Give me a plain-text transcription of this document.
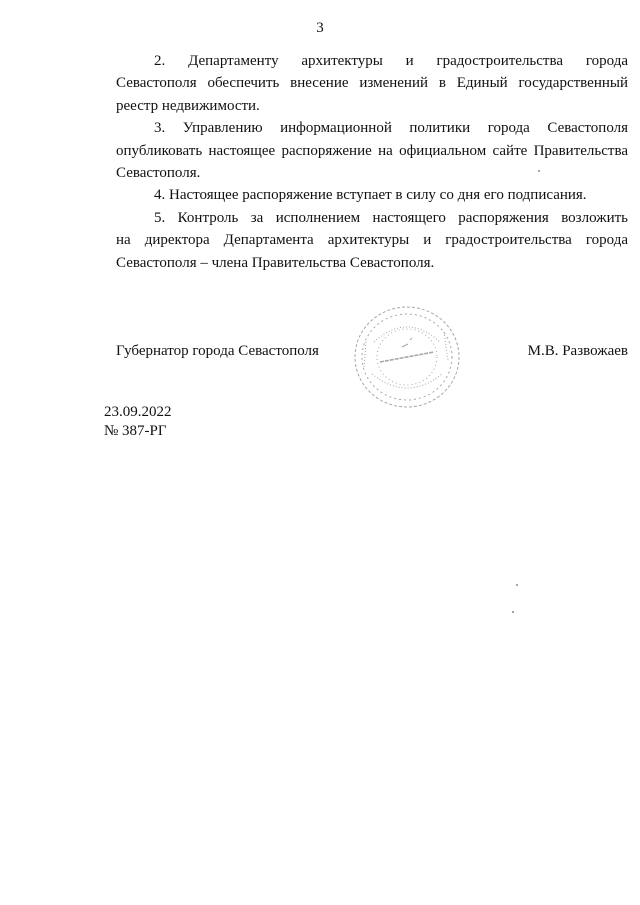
3

2. Департаменту архитектуры и градостроительства города
Севастополя обеспечить внесение изменений в Единый государственный
реестр недвижимости.

3. Управлению информационной политики города Севастополя
опубликовать настоящее распоряжение на официальном сайте Правительства
Севастополя.

4. Настоящее распоряжение вступает в силу со дня его подписания.

5. Контроль за исполнением настоящего распоряжения возложить
на директора Департамента архитектуры и градостроительства города
Севастополя – члена Правительства Севастополя.

Губернатор города Севастополя	М.В. Развожаев
23.09.2022
№ 387-РГ
